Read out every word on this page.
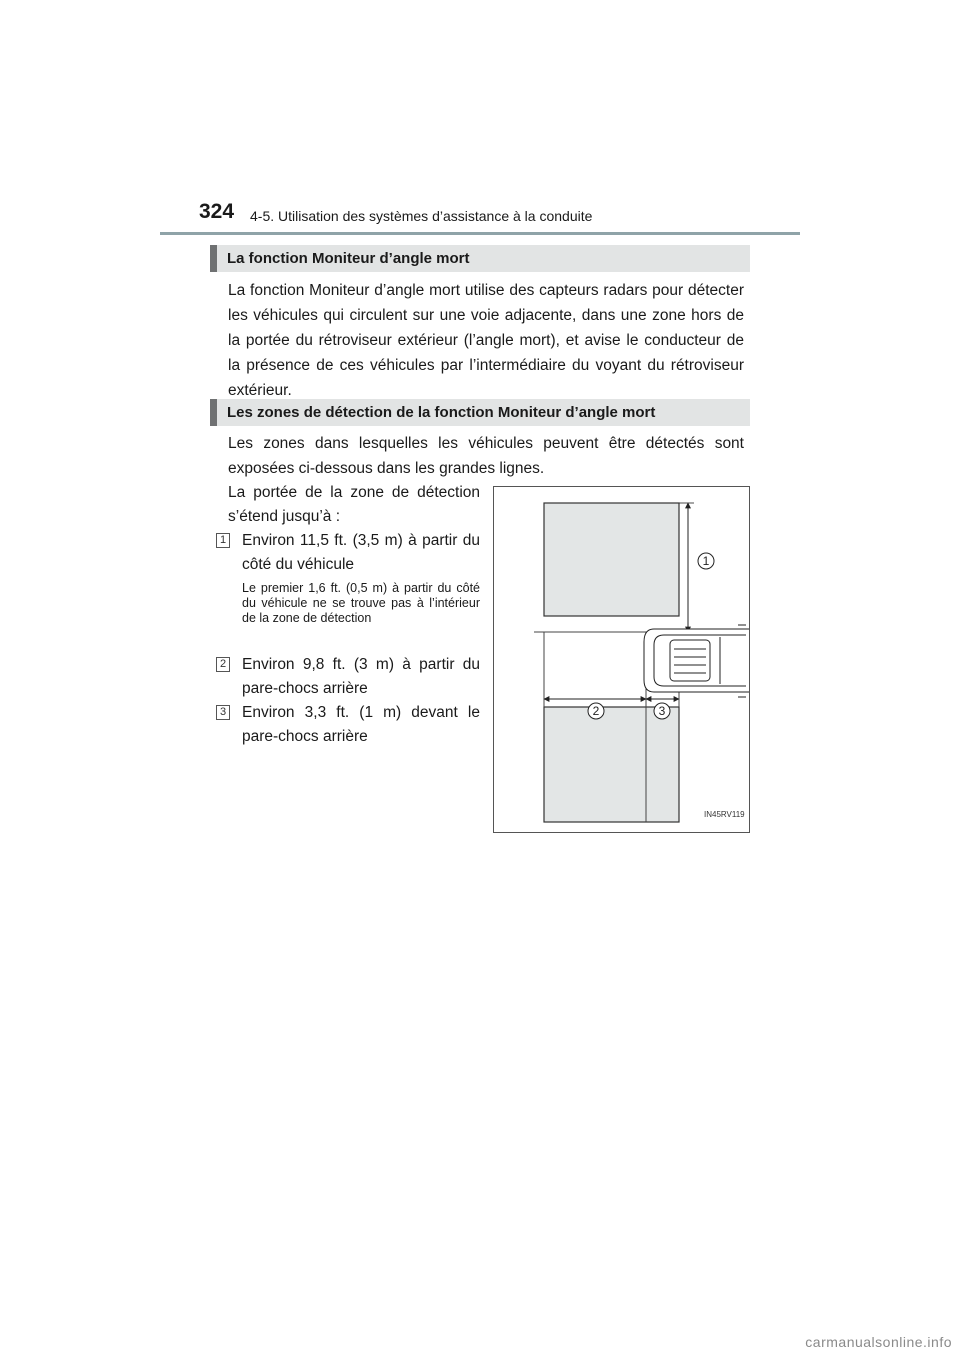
324 4-5. Utilisation des systèmes d’assistance à la conduite
La fonction Moniteur d’angle mort

La fonction Moniteur d’angle mort utilise des capteurs radars pour détecter les véhicules qui circulent sur une voie adjacente, dans une zone hors de la portée du rétroviseur extérieur (l’angle mort), et avise le conducteur de la présence de ces véhicules par l’intermédiaire du voyant du rétroviseur extérieur.

Les zones de détection de la fonction Moniteur d’angle mort

Les zones dans lesquelles les véhicules peuvent être détectés sont exposées ci-dessous dans les grandes lignes.

La portée de la zone de détection s’étend jusqu’à :

1 Environ 11,5 ft. (3,5 m) à partir du côté du véhicule

Le premier 1,6 ft. (0,5 m) à partir du côté du véhicule ne se trouve pas à l’intérieur de la zone de détection

2 Environ 9,8 ft. (3 m) à partir du pare-chocs arrière

3 Environ 3,3 ft. (1 m) devant le pare-chocs arrière

1
2	3
IN45RV119
carmanualsonline.info
